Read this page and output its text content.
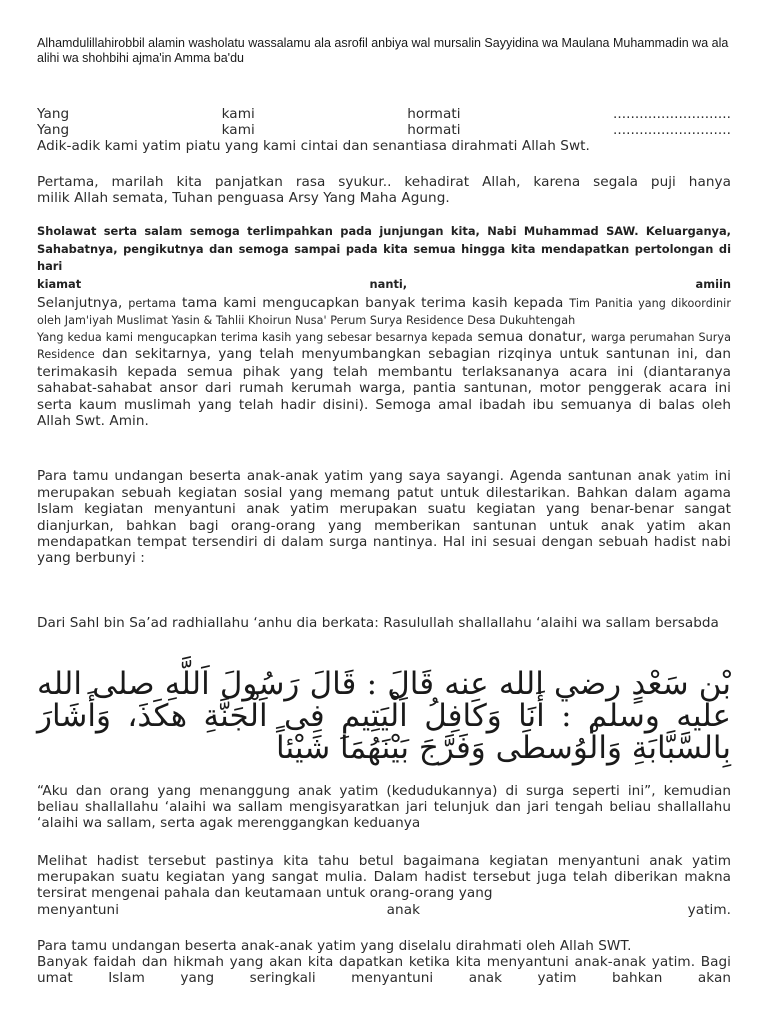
Alhamdulillahirobbil alamin washolatu wassalamu ala asrofil anbiya wal mursalin Sayyidina wa Maulana Muhammadin wa ala alihi wa shohbihi ajma'in Amma ba'du

Yang kami hormati ...........................

Yang kami hormati ...........................

Adik-adik kami yatim piatu yang kami cintai dan senantiasa dirahmati Allah Swt.

Pertama, marilah kita panjatkan rasa syukur.. kehadirat Allah, karena segala puji hanya

milik Allah semata, Tuhan penguasa Arsy Yang Maha Agung.

Sholawat serta salam semoga terlimpahkan pada junjungan kita, Nabi Muhammad SAW. Keluarganya, Sahabatnya, pengikutnya dan semoga sampai pada kita semua hingga kita mendapatkan pertolongan di hari

kiamat nanti, amiin

Selanjutnya, pertama tama kami mengucapkan banyak terima kasih kepada Tim Panitia yang dikoordinir oleh Jam'iyah Muslimat Yasin & Tahlii Khoirun Nusa' Perum Surya Residence Desa Dukuhtengah

Yang kedua kami mengucapkan terima kasih yang sebesar besarnya kepada semua donatur, warga perumahan Surya Residence dan sekitarnya, yang telah menyumbangkan sebagian rizqinya untuk santunan ini, dan terimakasih kepada semua pihak yang telah membantu terlaksananya acara ini (diantaranya sahabat-sahabat ansor dari rumah kerumah warga, pantia santunan, motor penggerak acara ini serta kaum muslimah yang telah hadir disini). Semoga amal ibadah ibu semuanya di balas oleh Allah Swt. Amin.

Para tamu undangan beserta anak-anak yatim yang saya sayangi. Agenda santunan anak yatim ini merupakan sebuah kegiatan sosial yang memang patut untuk dilestarikan. Bahkan dalam agama Islam kegiatan menyantuni anak yatim merupakan suatu kegiatan yang benar-benar sangat dianjurkan, bahkan bagi orang-orang yang memberikan santunan untuk anak yatim akan mendapatkan tempat tersendiri di dalam surga nantinya. Hal ini sesuai dengan sebuah hadist nabi yang berbunyi :

Dari Sahl bin Sa’ad radhiallahu ‘anhu dia berkata: Rasulullah shallallahu ‘alaihi wa sallam bersabda

بْن سَعْدٍ رضي الله عنه قَالَ : قَالَ رَسُولَ اَللَّهِ صلى الله عليه وسلم : أَنَا وَكَافِلُ اَلْيَتِيمِ فِى اَلْجَنَّةِ هكَذَ، وَأَشَارَ بِالسَّبَّابَةِ وَالْوُسطَى وَفَرَّجَ بَيْنَهُمَا شَيْئاً

“Aku dan orang yang menanggung anak yatim (kedudukannya) di surga seperti ini”, kemudian beliau shallallahu ‘alaihi wa sallam mengisyaratkan jari telunjuk dan jari tengah beliau shallallahu ‘alaihi wa sallam, serta agak merenggangkan keduanya

Melihat hadist tersebut pastinya kita tahu betul bagaimana kegiatan menyantuni anak yatim merupakan suatu kegiatan yang sangat mulia. Dalam hadist tersebut juga telah diberikan makna tersirat mengenai pahala dan keutamaan untuk orang-orang yang

menyantuni anak yatim.

Para tamu undangan beserta anak-anak yatim yang diselalu dirahmati oleh Allah SWT.

Banyak faidah dan hikmah yang akan kita dapatkan ketika kita menyantuni anak-anak yatim. Bagi umat Islam yang seringkali menyantuni anak yatim bahkan akan
